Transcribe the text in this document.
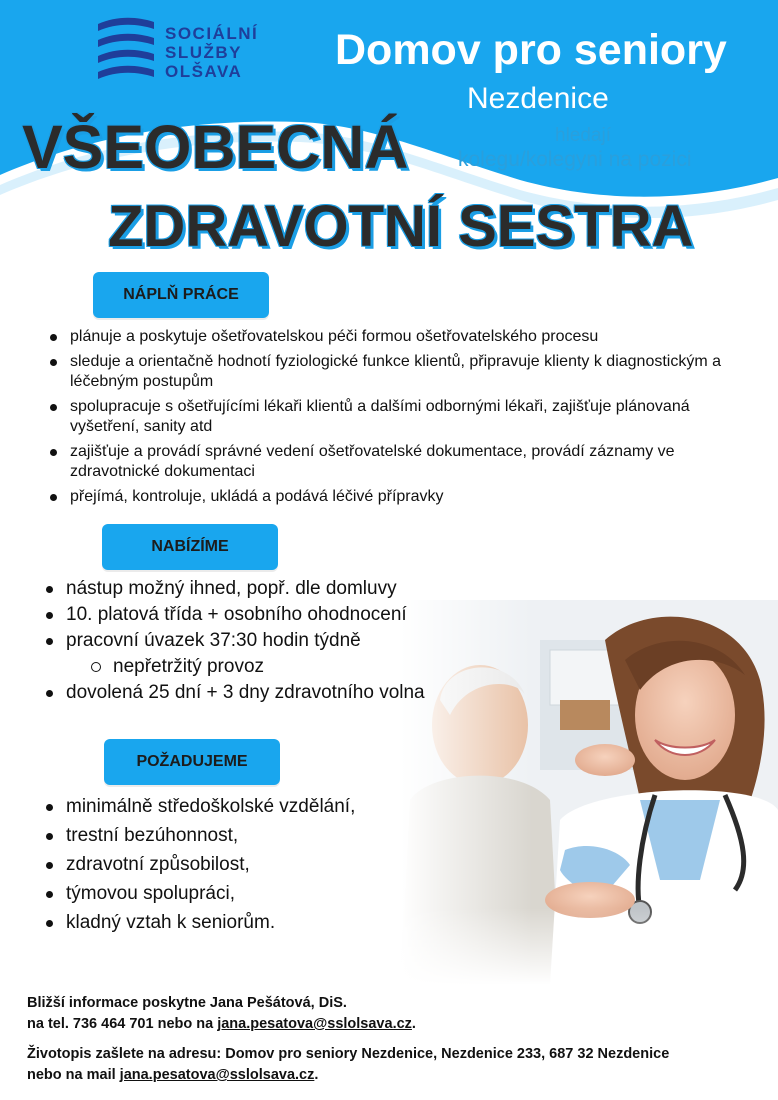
SOCIÁLNÍ
SLUŽBY
OLŠAVA	Domov pro seniory
Nezdenice
hledají
kolegu/kolegyni na pozici
VŠEOBECNÁ
ZDRAVOTNÍ SESTRA
NÁPLŇ PRÁCE
plánuje a poskytuje ošetřovatelskou péči formou ošetřovatelského procesu
sleduje a orientačně hodnotí fyziologické funkce klientů, připravuje klienty k diagnostickým a léčebným postupům
spolupracuje s ošetřujícími lékaři klientů a dalšími odbornými lékaři, zajišťuje plánovaná vyšetření, sanity atd
zajišťuje a provádí správné vedení ošetřovatelské dokumentace, provádí záznamy ve zdravotnické dokumentaci
přejímá, kontroluje, ukládá a podává léčivé přípravky
NABÍZÍME
nástup možný ihned, popř. dle domluvy
10. platová třída + osobního ohodnocení
pracovní úvazek 37:30 hodin týdně
nepřetržitý provoz
dovolená 25 dní + 3 dny zdravotního volna
POŽADUJEME
minimálně středoškolské vzdělání,
trestní bezúhonnost,
zdravotní způsobilost,
týmovou spolupráci,
kladný vztah k seniorům.
Bližší informace poskytne Jana Pešátová, DiS.
na tel. 736 464 701 nebo na jana.pesatova@sslolsava.cz.
Životopis zašlete na adresu: Domov pro seniory Nezdenice, Nezdenice 233, 687 32 Nezdenice
nebo na mail jana.pesatova@sslolsava.cz.
